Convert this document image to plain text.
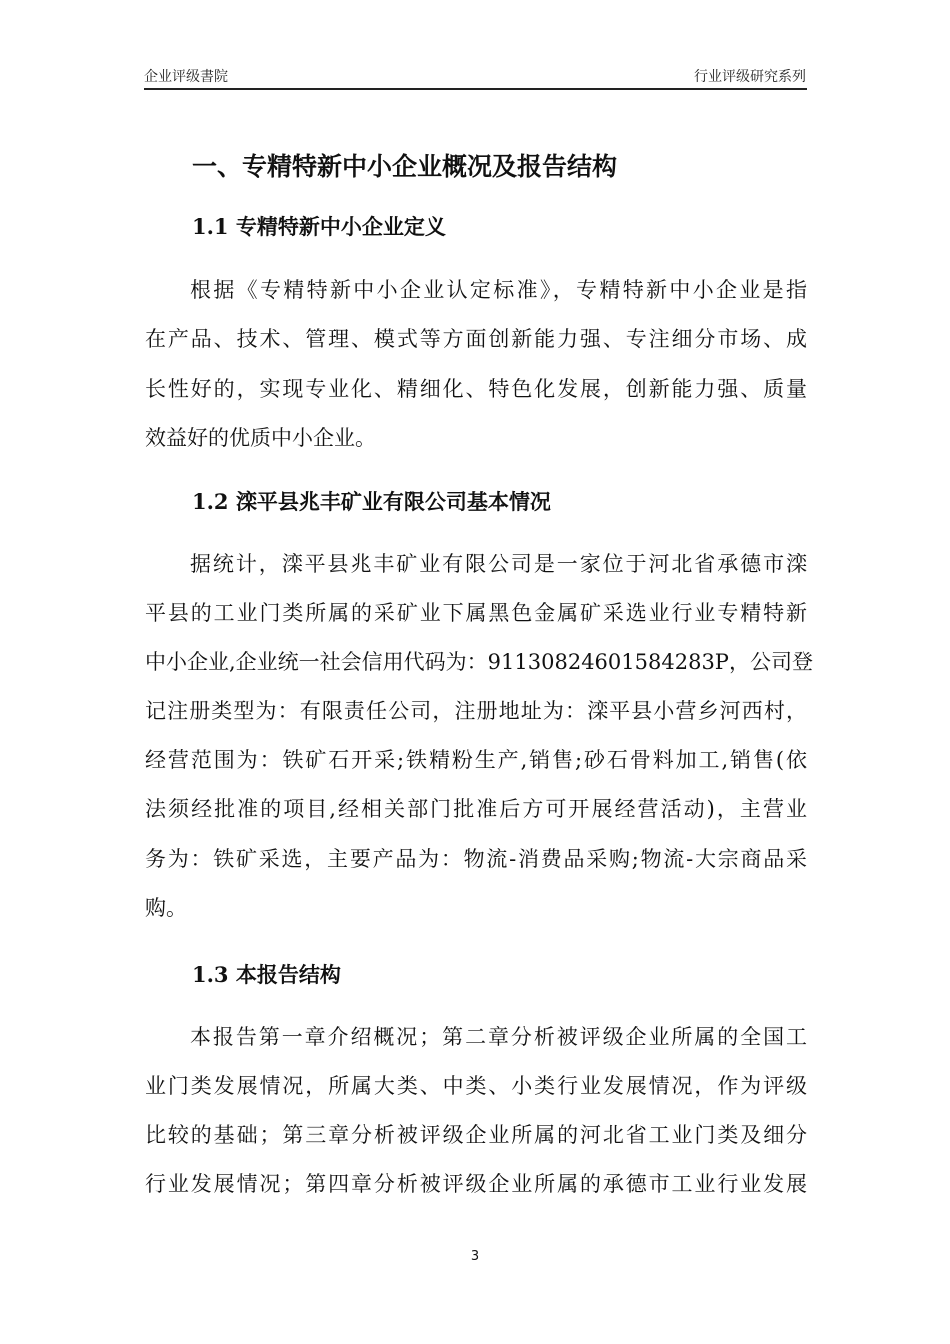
企业评级書院	行业评级研究系列
一、专精特新中小企业概况及报告结构
1.1 专精特新中小企业定义
根据《专精特新中小企业认定标准》，专精特新中小企业是指
在产品、技术、管理、模式等方面创新能力强、专注细分市场、成
长性好的，实现专业化、精细化、特色化发展，创新能力强、质量
效益好的优质中小企业。
1.2 滦平县兆丰矿业有限公司基本情况
据统计，滦平县兆丰矿业有限公司是一家位于河北省承德市滦
平县的工业门类所属的采矿业下属黑色金属矿采选业行业专精特新
中小企业,企业统一社会信用代码为：91130824601584283P，公司登
记注册类型为：有限责任公司，注册地址为：滦平县小营乡河西村，
经营范围为：铁矿石开采;铁精粉生产,销售;砂石骨料加工,销售(依
法须经批准的项目,经相关部门批准后方可开展经营活动)，主营业
务为：铁矿采选，主要产品为：物流-消费品采购;物流-大宗商品采
购。
1.3 本报告结构
本报告第一章介绍概况；第二章分析被评级企业所属的全国工
业门类发展情况，所属大类、中类、小类行业发展情况，作为评级
比较的基础；第三章分析被评级企业所属的河北省工业门类及细分
行业发展情况；第四章分析被评级企业所属的承德市工业行业发展
3
